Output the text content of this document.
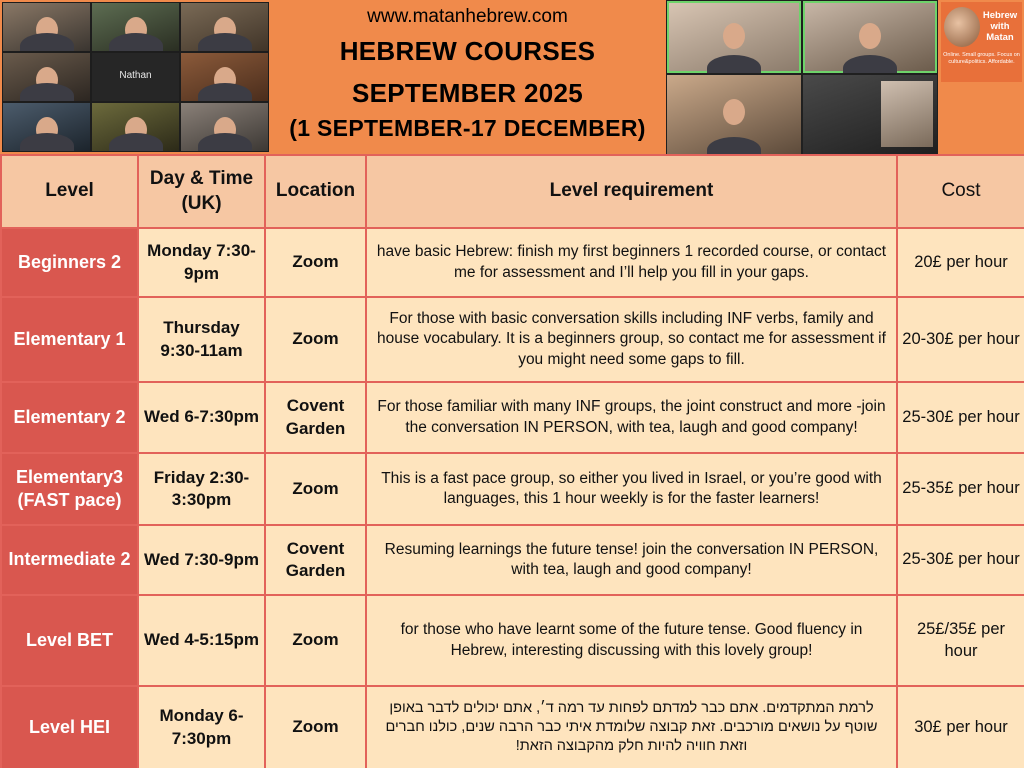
Nathan
www.matanhebrew.com
HEBREW COURSES
SEPTEMBER 2025
(1 SEPTEMBER-17 DECEMBER)
Hebrew with Matan
Online. Small groups. Focus on culture&politics. Affordable.
Level	Day & Time (UK)	Location	Level requirement	Cost
Beginners 2	Monday 7:30-9pm	Zoom	have basic Hebrew: finish my first beginners 1 recorded course, or contact me for assessment and I’ll help you fill in your gaps.	20£ per hour
Elementary 1	Thursday 9:30-11am	Zoom	For those with basic conversation skills including INF verbs, family and house vocabulary. It is a beginners group, so contact me for assessment if you might need some gaps to fill.	20-30£ per hour
Elementary 2	Wed 6-7:30pm	Covent Garden	For those familiar with many INF groups, the joint construct and more -join the conversation IN PERSON, with tea, laugh and good company!	25-30£ per hour
Elementary3 (FAST pace)	Friday 2:30-3:30pm	Zoom	This is a fast pace group, so either you lived in Israel, or you’re good with languages, this 1 hour weekly is for the faster learners!	25-35£ per hour
Intermediate 2	Wed 7:30-9pm	Covent Garden	Resuming learnings the future tense! join the conversation IN PERSON, with tea, laugh and good company!	25-30£ per hour
Level BET	Wed 4-5:15pm	Zoom	for those who have learnt some of the future tense. Good fluency in Hebrew, interesting discussing with this lovely group!	25£/35£ per hour
Level HEI	Monday 6-7:30pm	Zoom	לרמת המתקדמים. אתם כבר למדתם לפחות עד רמה ד׳, אתם יכולים לדבר באופן שוטף על נושאים מורכבים. זאת קבוצה שלומדת איתי כבר הרבה שנים, כולנו חברים וזאת חוויה להיות חלק מהקבוצה הזאת!	30£ per hour
